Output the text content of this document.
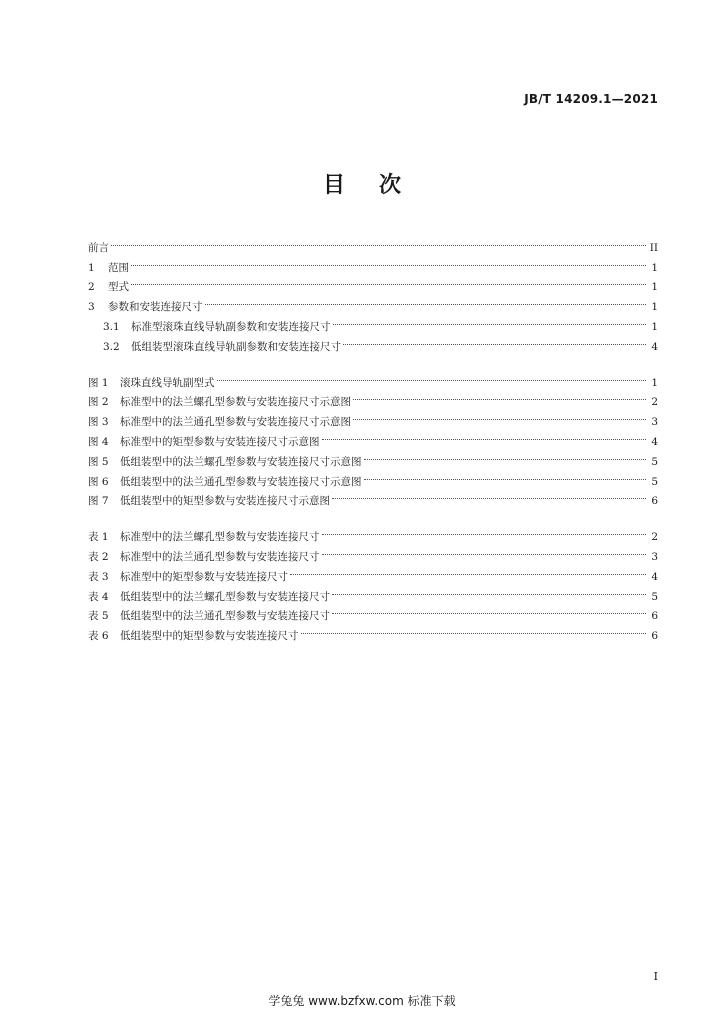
JB/T 14209.1—2021
目 次
前言	II
1	范围	1
2	型式	1
3	参数和安装连接尺寸	1
3.1	标准型滚珠直线导轨副参数和安装连接尺寸	1
3.2	低组装型滚珠直线导轨副参数和安装连接尺寸	4
图 1	滚珠直线导轨副型式	1
图 2	标准型中的法兰螺孔型参数与安装连接尺寸示意图	2
图 3	标准型中的法兰通孔型参数与安装连接尺寸示意图	3
图 4	标准型中的矩型参数与安装连接尺寸示意图	4
图 5	低组装型中的法兰螺孔型参数与安装连接尺寸示意图	5
图 6	低组装型中的法兰通孔型参数与安装连接尺寸示意图	5
图 7	低组装型中的矩型参数与安装连接尺寸示意图	6
表 1	标准型中的法兰螺孔型参数与安装连接尺寸	2
表 2	标准型中的法兰通孔型参数与安装连接尺寸	3
表 3	标准型中的矩型参数与安装连接尺寸	4
表 4	低组装型中的法兰螺孔型参数与安装连接尺寸	5
表 5	低组装型中的法兰通孔型参数与安装连接尺寸	6
表 6	低组装型中的矩型参数与安装连接尺寸	6
I
学兔兔 www.bzfxw.com 标准下载
